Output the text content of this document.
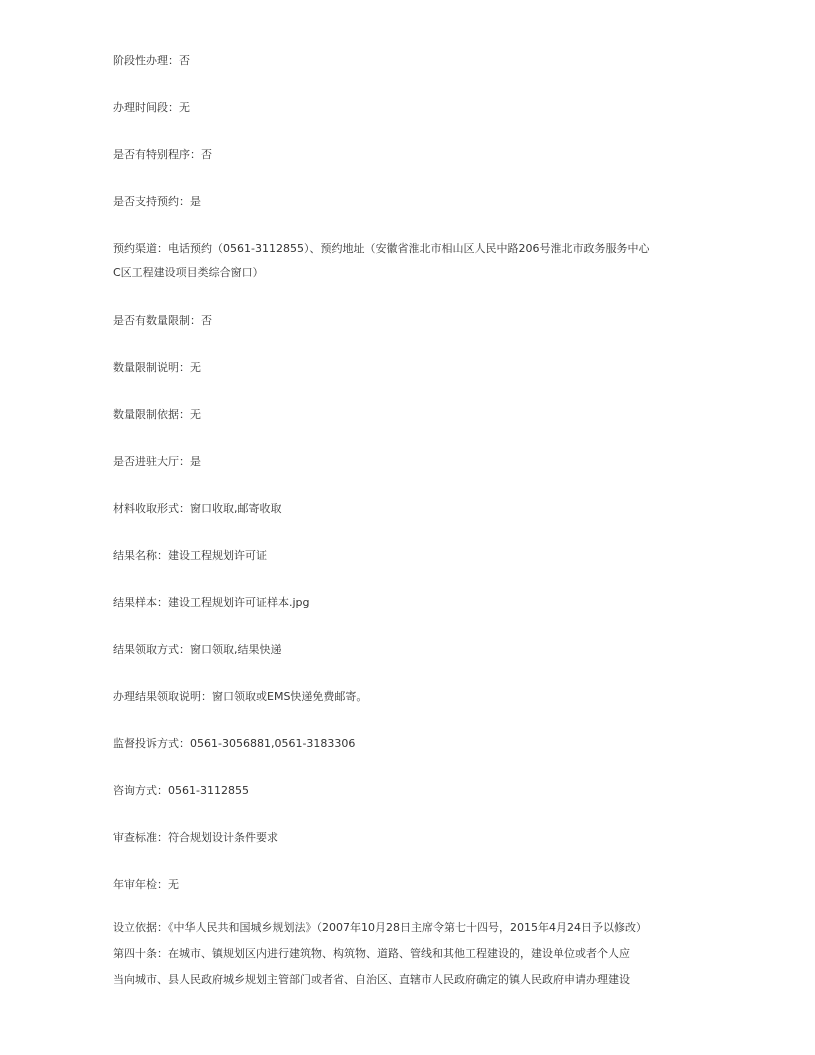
阶段性办理：否
办理时间段：无
是否有特别程序：否
是否支持预约：是
预约渠道：电话预约（0561-3112855）、预约地址（安徽省淮北市相山区人民中路206号淮北市政务服务中心
C区工程建设项目类综合窗口）
是否有数量限制：否
数量限制说明：无
数量限制依据：无
是否进驻大厅：是
材料收取形式：窗口收取,邮寄收取
结果名称：建设工程规划许可证
结果样本：建设工程规划许可证样本.jpg
结果领取方式：窗口领取,结果快递
办理结果领取说明：窗口领取或EMS快递免费邮寄。
监督投诉方式：0561-3056881,0561-3183306
咨询方式：0561-3112855
审查标准：符合规划设计条件要求
年审年检：无
设立依据：《中华人民共和国城乡规划法》（2007年10月28日主席令第七十四号，2015年4月24日予以修改）
第四十条：在城市、镇规划区内进行建筑物、构筑物、道路、管线和其他工程建设的，建设单位或者个人应
当向城市、县人民政府城乡规划主管部门或者省、自治区、直辖市人民政府确定的镇人民政府申请办理建设
